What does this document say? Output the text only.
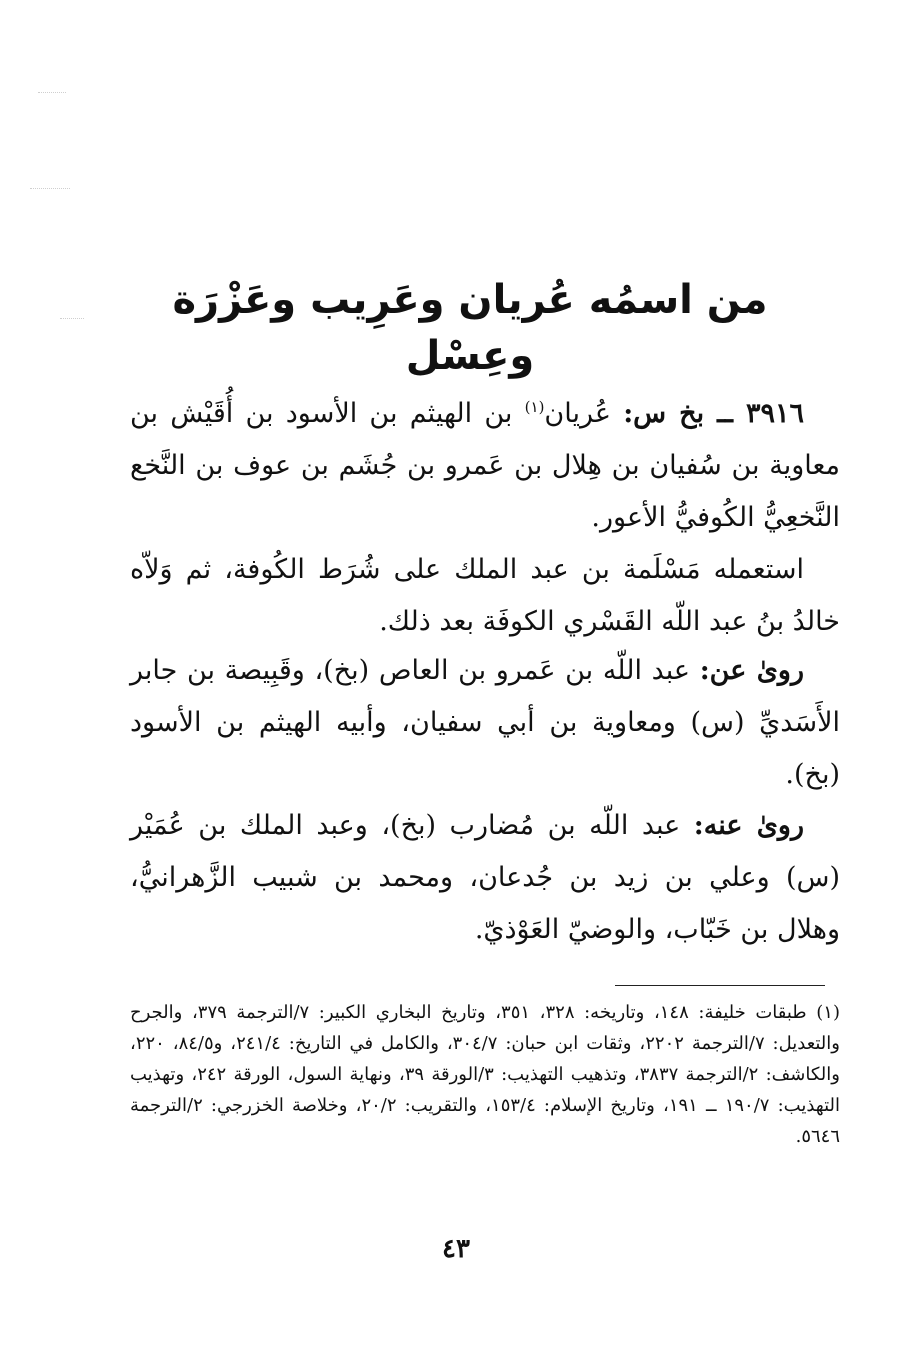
من اسمُه عُريان وعَرِيب وعَزْرَة وعِسْل

٣٩١٦ ــ بخ س: عُريان$^{(١)}$ بن الهيثم بن الأسود بن أُقَيْش بن معاوية بن سُفيان بن هِلال بن عَمرو بن جُشَم بن عوف بن النَّخع النَّخعِيُّ الكُوفيُّ الأعور.

استعمله مَسْلَمة بن عبد الملك على شُرَط الكُوفة، ثم وَلاّه خالدُ بنُ عبد اللّه القَسْري الكوفَة بعد ذلك.

روىٰ عن: عبد اللّه بن عَمرو بن العاص (بخ)، وقَبِيصة بن جابر الأَسَديِّ (س) ومعاوية بن أبي سفيان، وأبيه الهيثم بن الأسود (بخ).

روىٰ عنه: عبد اللّه بن مُضارب (بخ)، وعبد الملك بن عُمَيْر (س) وعلي بن زيد بن جُدعان، ومحمد بن شبيب الزَّهرانيُّ، وهلال بن خَبّاب، والوضيّ العَوْذيّ.

(١) طبقات خليفة: ١٤٨، وتاريخه: ٣٢٨، ٣٥١، وتاريخ البخاري الكبير: ٧/الترجمة ٣٧٩، والجرح والتعديل: ٧/الترجمة ٢٢٠٢، وثقات ابن حبان: ٣٠٤/٧، والكامل في التاريخ: ٢٤١/٤، و٨٤/٥، ٢٢٠، والكاشف: ٢/الترجمة ٣٨٣٧، وتذهيب التهذيب: ٣/الورقة ٣٩، ونهاية السول، الورقة ٢٤٢، وتهذيب التهذيب: ١٩٠/٧ ــ ١٩١، وتاريخ الإسلام: ١٥٣/٤، والتقريب: ٢٠/٢، وخلاصة الخزرجي: ٢/الترجمة ٥٦٤٦.

٤٣
